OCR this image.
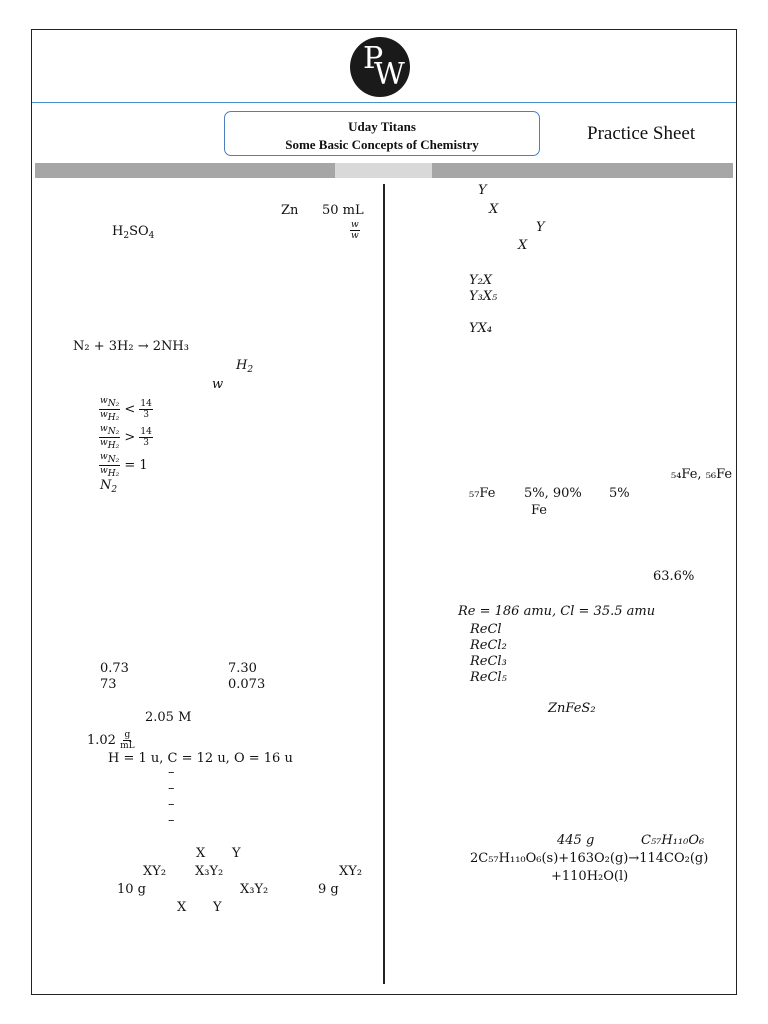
P
W
Uday Titans
Some Basic Concepts of Chemistry
Practice Sheet
Zn 50 mL
$\frac{w}{w}$
$H_2SO_4$
N₂ + 3H₂ → 2NH₃
$H_2$
w
$\frac{w_{N_2}}{w_{H_2}} < \frac{14}{3}$
$\frac{w_{N_2}}{w_{H_2}} > \frac{14}{3}$
$\frac{w_{N_2}}{w_{H_2}} = 1$
$N_2$
0.73	7.30
73	0.073
2.05 M
$1.02 \frac{g}{mL}$
H = 1 u, C = 12 u, O = 16 u
–
–
–
–
X Y
XY₂ X₃Y₂	XY₂
10 g	X₃Y₂	9 g
X Y
Y
X
Y
X
Y₂X
Y₃X₅
YX₄
₅₄Fe, ₅₆Fe
₅₇Fe 5%, 90% 5%
Fe
63.6%
Re = 186 amu, Cl = 35.5 amu
ReCl
ReCl₂
ReCl₃
ReCl₅
ZnFeS₂
445 g	C₅₇H₁₁₀O₆
2C₅₇H₁₁₀O₆(s)+163O₂(g)→114CO₂(g)
+110H₂O(l)
